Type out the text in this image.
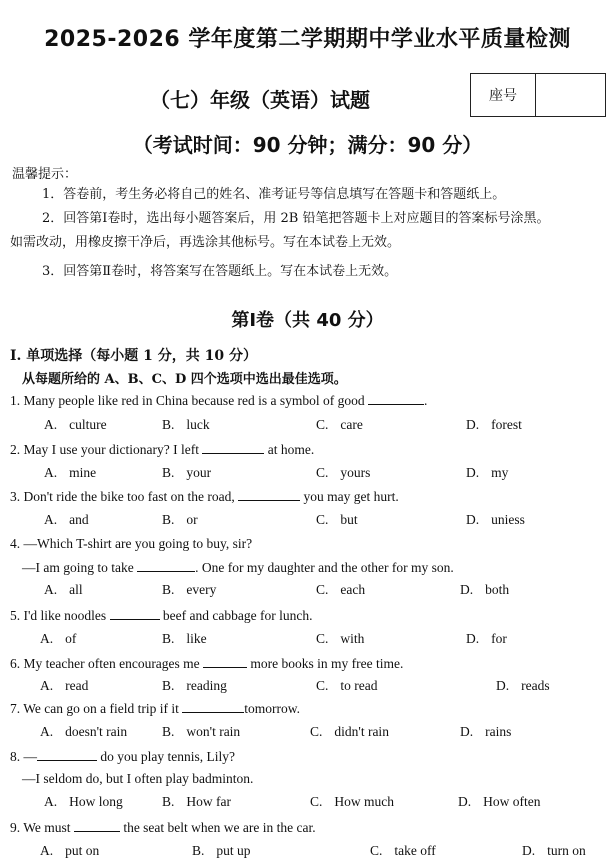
2025-2026 学年度第二学期期中学业水平质量检测
（七）年级（英语）试题	座号
（考试时间：90 分钟；满分：90 分）
温馨提示：
1．答卷前，考生务必将自己的姓名、准考证号等信息填写在答题卡和答题纸上。
2．回答第Ⅰ卷时，选出每小题答案后，用 2B 铅笔把答题卡上对应题目的答案标号涂黑。
如需改动，用橡皮擦干净后，再选涂其他标号。写在本试卷上无效。
3．回答第Ⅱ卷时，将答案写在答题纸上。写在本试卷上无效。
第Ⅰ卷（共 40 分）
I. 单项选择（每小题 1 分，共 10 分）
从每题所给的 A、B、C、D 四个选项中选出最佳选项。
1. Many people like red in China because red is a symbol of good	.
A. culture	B. luck	C. care	D. forest
2. May I use your dictionary? I left	at home.
A. mine	B. your	C. yours	D. my
3. Don't ride the bike too fast on the road,	you may get hurt.
A. and	B. or	C. but	D. uniess
4. —Which T-shirt are you going to buy, sir?
—I am going to take	. One for my daughter and the other for my son.
A. all	B. every	C. each	D. both
5. I'd like noodles	beef and cabbage for lunch.
A. of	B. like	C. with	D. for
6. My teacher often encourages me	more books in my free time.
A. read	B. reading	C. to read	D. reads
7. We can go on a field trip if it	tomorrow.
A. doesn't rain	B. won't rain	C. didn't rain	D. rains
8. —	do you play tennis, Lily?
—I seldom do, but I often play badminton.
A. How long	B. How far	C. How much	D. How often
9. We must	the seat belt when we are in the car.
A. put on	B. put up	C. take off	D. turn on
